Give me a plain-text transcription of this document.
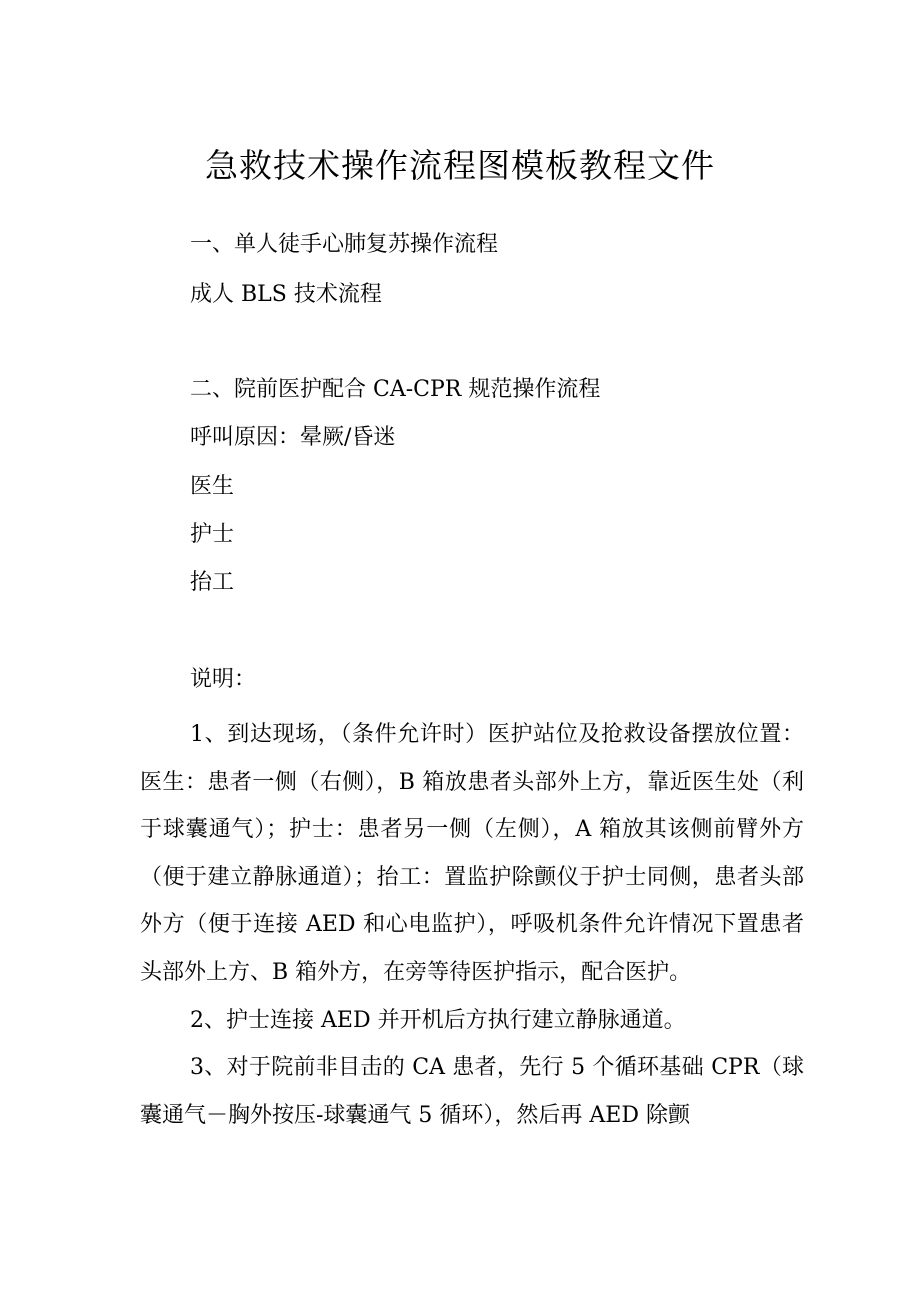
急救技术操作流程图模板教程文件
一、单人徒手心肺复苏操作流程
成人 BLS 技术流程
二、院前医护配合 CA-CPR 规范操作流程
呼叫原因：晕厥/昏迷
医生
护士
抬工
说明：

1、到达现场，（条件允许时）医护站位及抢救设备摆放位置：医生：患者一侧（右侧），B 箱放患者头部外上方，靠近医生处（利于球囊通气）；护士：患者另一侧（左侧），A 箱放其该侧前臂外方（便于建立静脉通道）；抬工：置监护除颤仪于护士同侧，患者头部外方（便于连接 AED 和心电监护），呼吸机条件允许情况下置患者头部外上方、B 箱外方，在旁等待医护指示，配合医护。

2、护士连接 AED 并开机后方执行建立静脉通道。

3、对于院前非目击的 CA 患者，先行 5 个循环基础 CPR（球囊通气－胸外按压-球囊通气 5 循环），然后再 AED 除颤
